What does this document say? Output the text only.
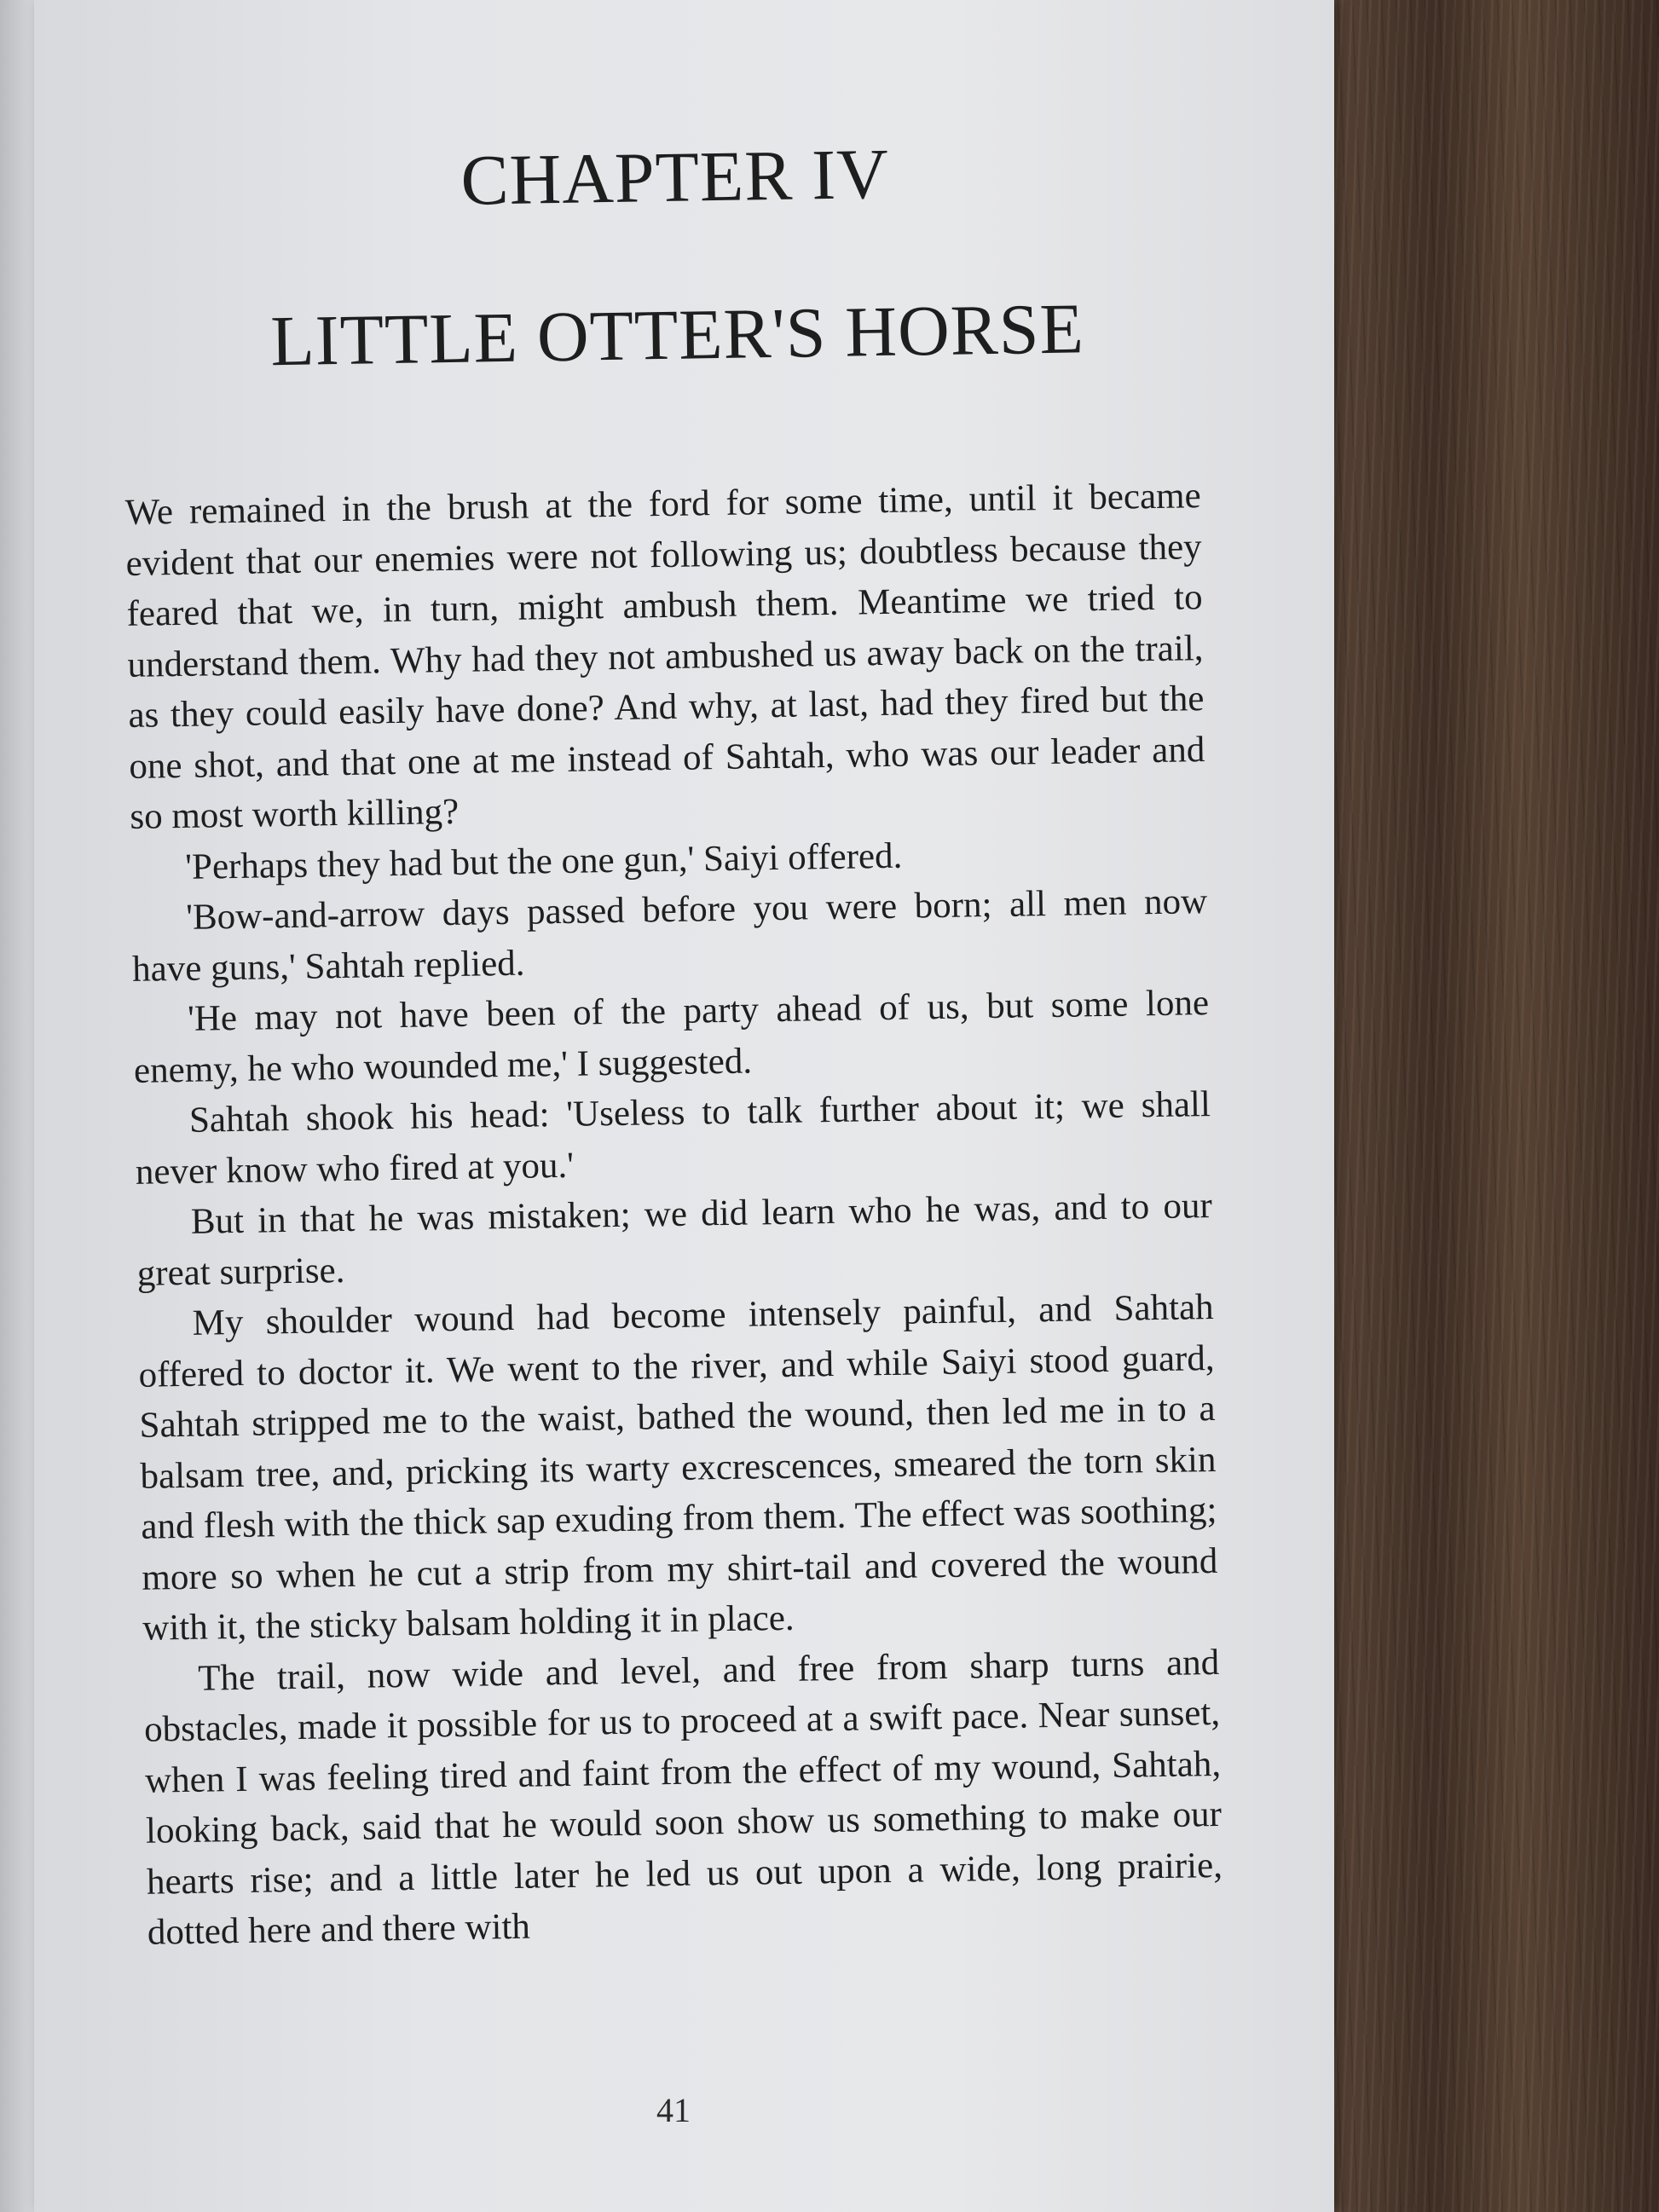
CHAPTER IV
LITTLE OTTER'S HORSE

We remained in the brush at the ford for some time, until it became evident that our enemies were not following us; doubtless because they feared that we, in turn, might ambush them. Meantime we tried to understand them. Why had they not ambushed us away back on the trail, as they could easily have done? And why, at last, had they fired but the one shot, and that one at me instead of Sahtah, who was our leader and so most worth killing?

'Perhaps they had but the one gun,' Saiyi offered.

'Bow-and-arrow days passed before you were born; all men now have guns,' Sahtah replied.

'He may not have been of the party ahead of us, but some lone enemy, he who wounded me,' I suggested.

Sahtah shook his head: 'Useless to talk further about it; we shall never know who fired at you.'

But in that he was mistaken; we did learn who he was, and to our great surprise.

My shoulder wound had become intensely painful, and Sahtah offered to doctor it. We went to the river, and while Saiyi stood guard, Sahtah stripped me to the waist, bathed the wound, then led me in to a balsam tree, and, pricking its warty excrescences, smeared the torn skin and flesh with the thick sap exuding from them. The effect was soothing; more so when he cut a strip from my shirt-tail and covered the wound with it, the sticky balsam holding it in place.

The trail, now wide and level, and free from sharp turns and obstacles, made it possible for us to proceed at a swift pace. Near sunset, when I was feeling tired and faint from the effect of my wound, Sahtah, looking back, said that he would soon show us something to make our hearts rise; and a little later he led us out upon a wide, long prairie, dotted here and there with

41
